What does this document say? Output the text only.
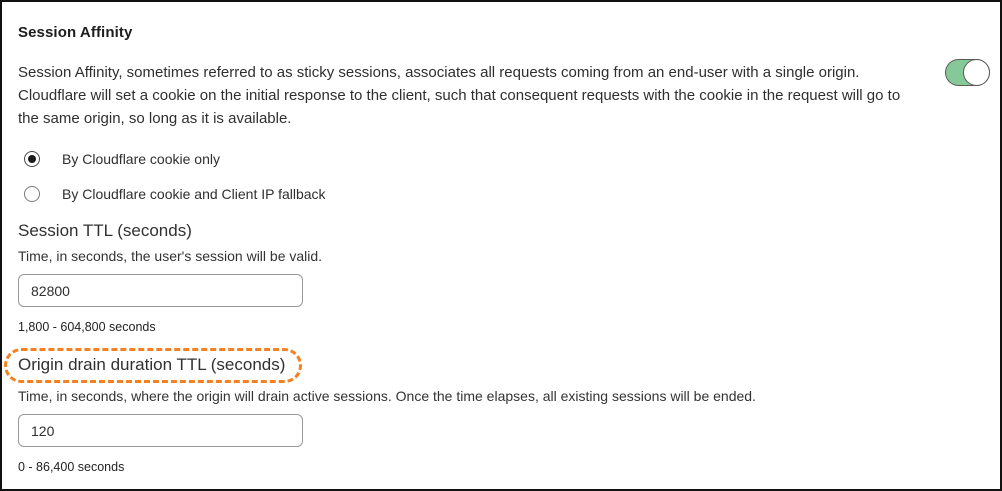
Session Affinity
Session Affinity, sometimes referred to as sticky sessions, associates all requests coming from an end-user with a single origin. Cloudflare will set a cookie on the initial response to the client, such that consequent requests with the cookie in the request will go to the same origin, so long as it is available.
By Cloudflare cookie only
By Cloudflare cookie and Client IP fallback
Session TTL (seconds)
Time, in seconds, the user's session will be valid.
82800
1,800 - 604,800 seconds
Origin drain duration TTL (seconds)
Time, in seconds, where the origin will drain active sessions. Once the time elapses, all existing sessions will be ended.
120
0 - 86,400 seconds
